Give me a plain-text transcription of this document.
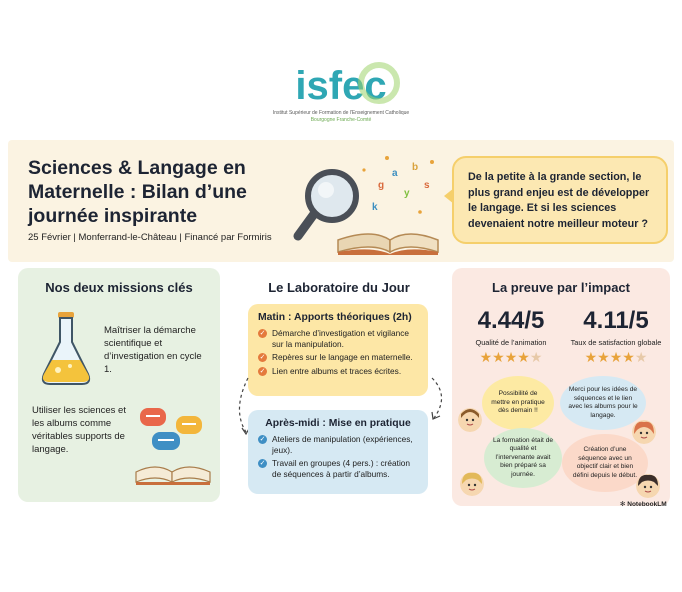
isfec
Institut Supérieur de Formation de l'Enseignement Catholique
Bourgogne Franche-Comté
Sciences & Langage en Maternelle : Bilan d’une journée inspirante
25 Février | Monferrand-le-Château | Financé par Formiris
g
a
y
b
k
s
De la petite à la grande section, le plus grand enjeu est de développer le langage. Et si les sciences devenaient notre meilleur moteur ?
Nos deux missions clés
Maîtriser la démarche scientifique et d’investigation en cycle 1.
Utiliser les sciences et les albums comme véritables supports de langage.
Le Laboratoire du Jour
Matin : Apports théoriques (2h)
✓ Démarche d’investigation et vigilance sur la manipulation.
✓ Repères sur le langage en maternelle.
✓ Lien entre albums et traces écrites.
Après-midi : Mise en pratique
✓ Ateliers de manipulation (expériences, jeux).
✓ Travail en groupes (4 pers.) : création de séquences à partir d’albums.
La preuve par l’impact
4.44/5
Qualité de l’animation
★★★★★
4.11/5
Taux de satisfaction globale
★★★★★
Possibilité de mettre en pratique dès demain !!
Merci pour les idées de séquences et le lien avec les albums pour le langage.
La formation était de qualité et l’intervenante avait bien préparé sa journée.
Création d’une séquence avec un objectif clair et bien défini depuis le début.
✻ NotebookLM
